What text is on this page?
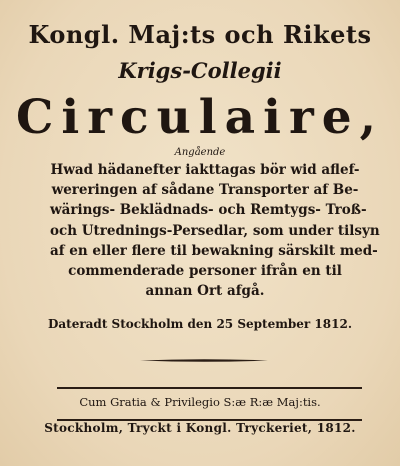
Kongl. Maj:ts och Rikets
Krigs-Collegii
Circulaire,
Angående
Hwad hädanefter iakttagas bör wid aflef-
wereringen af sådane Transporter af Be-
wärings- Beklädnads- och Remtygs- Troß-
och Utrednings-Persedlar, som under tilsyn
af en eller flere til bewakning särskilt med-
commenderade personer ifrån en til
annan Ort afgå.
Dateradt Stockholm den 25 September 1812.
Cum Gratia & Privilegio S:æ R:æ Maj:tis.
Stockholm, Tryckt i Kongl. Tryckeriet, 1812.
